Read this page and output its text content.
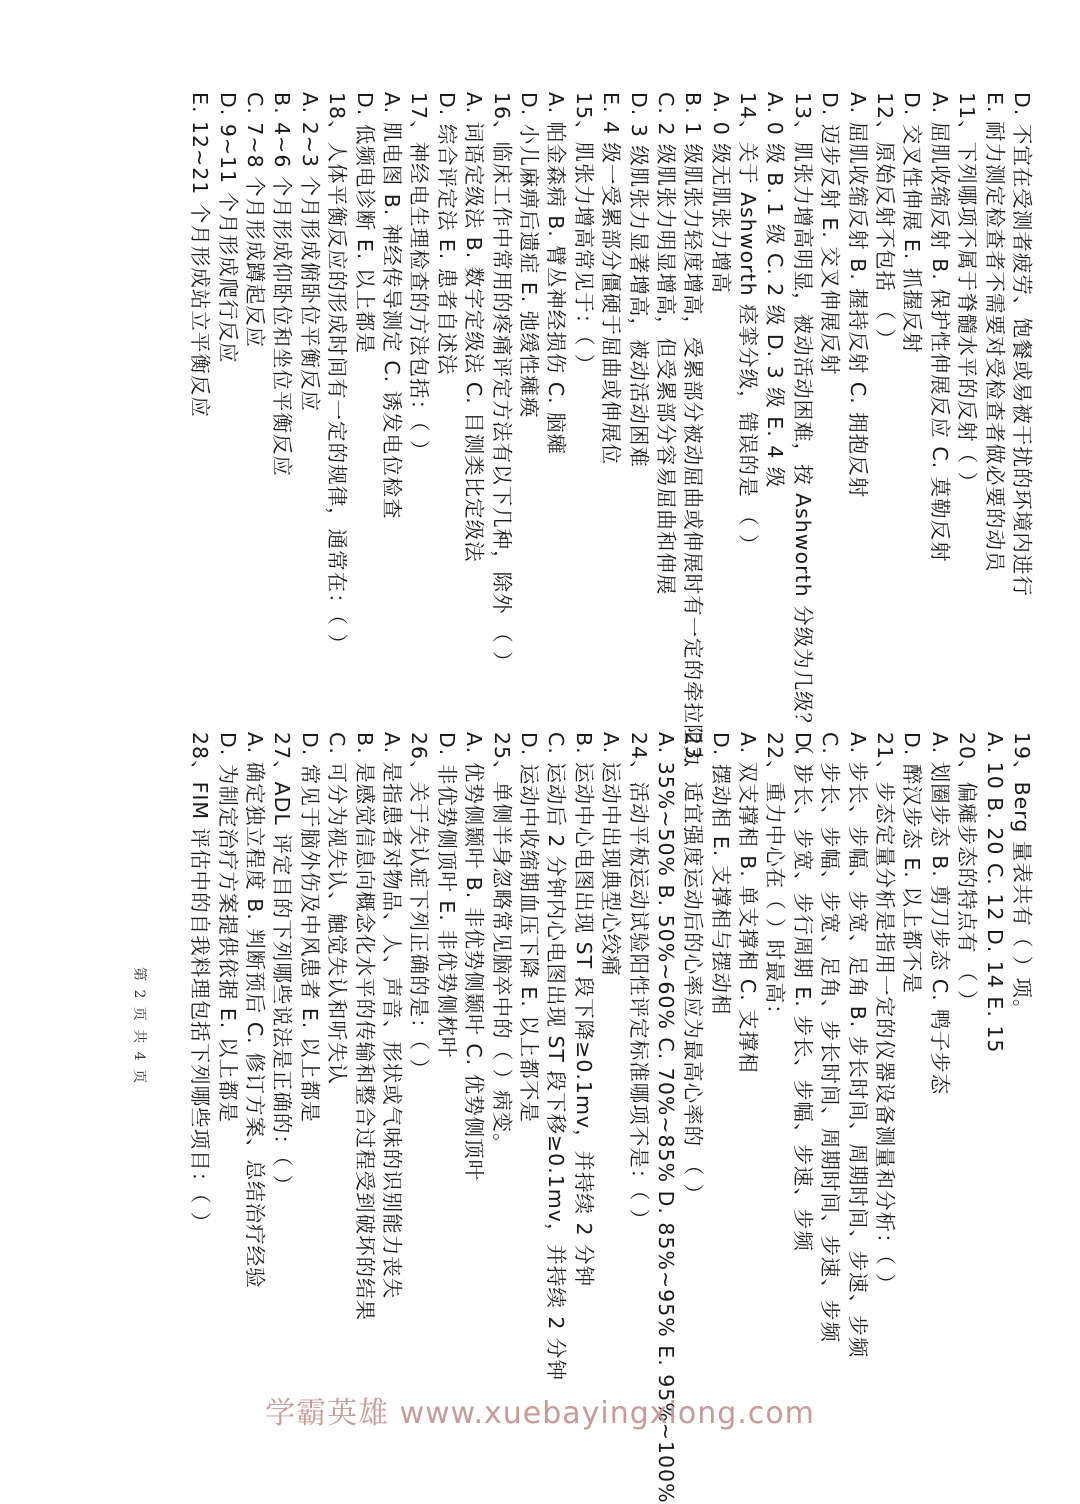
D. 不宜在受测者疲劳、饱餐或易被干扰的环境内进行
E. 耐力测定检查者不需要对受检查者做必要的动员
11、下列哪项不属于脊髓水平的反射（ ）
A. 屈肌收缩反射 B. 保护性伸展反应 C. 莫勒反射
D. 交叉性伸展 E. 抓握反射
12、原始反射不包括 （ ）
A. 屈肌收缩反射 B. 握持反射 C. 拥抱反射
D. 迈步反射 E. 交叉伸展反射
13、肌张力增高明显，被动活动困难，按 Ashworth 分级为几级？（ ）
A. 0 级 B. 1 级 C. 2 级 D. 3 级 E. 4 级
14、关于 Ashworth 痉挛分级，错误的是 （ ）
A. 0 级无肌张力增高
B. 1 级肌张力轻度增高，受累部分被动屈曲或伸展时有一定的牵拉阻力
C. 2 级肌张力明显增高，但受累部分容易屈曲和伸展
D. 3 级肌张力显著增高，被动活动困难
E. 4 级一受累部分僵硬于屈曲或伸展位
15、肌张力增高常见于：（ ）
A. 帕金森病 B. 臂丛神经损伤 C. 脑瘫
D. 小儿麻痹后遗症 E. 弛缓性瘫痪
16、临床工作中常用的疼痛评定方法有以下几种，除外 （ ）
A. 词语定级法 B. 数字定级法 C. 目测类比定级法
D. 综合评定法 E. 患者自述法
17、神经电生理检查的方法包括：（ ）
A. 肌电图 B. 神经传导测定 C. 诱发电位检查
D. 低频电诊断 E. 以上都是
18、人体平衡反应的形成时间有一定的规律，通常在：（ ）
A. 2~3 个月形成俯卧位平衡反应
B. 4~6 个月形成仰卧位和坐位平衡反应
C. 7~8 个月形成蹲起反应
D. 9~11 个月形成爬行反应
E. 12~21 个月形成站立平衡反应
19、Berg 量表共有（ ）项。
A. 10 B. 20 C. 12 D. 14 E. 15
20、偏瘫步态的特点有 （ ）
A. 划圈步态 B. 剪刀步态 C. 鸭子步态
D. 醉汉步态 E. 以上都不是
21、步态定量分析是指用一定的仪器设备测量和分析：（ ）
A. 步长、步幅、步宽、足角 B. 步长时间、周期时间、步速、步频
C. 步长、步幅、步宽、足角、步长时间、周期时间、步速、步频
D. 步长、步宽、步行周期 E. 步长、步幅、步速、步频
22、重力中心在（ ）时最高：
A. 双支撑相 B. 单支撑相 C. 支撑相
D. 摆动相 E. 支撑相与摆动相
23、适宜强度运动后的心率应为最高心率的 （ ）
A. 35%~50% B. 50%~60% C. 70%~85% D. 85%~95% E. 95%~100%
24、活动平板运动试验阳性评定标准哪项不是：（ ）
A. 运动中出现典型心绞痛
B. 运动中心电图出现 ST 段下降≥0.1mv，并持续 2 分钟
C. 运动后 2 分钟内心电图出现 ST 段下移≥0.1mv，并持续 2 分钟
D. 运动中收缩期血压下降 E. 以上都不是
25、单侧半身忽略常见脑卒中的（ ）病变。
A. 优势侧颞叶 B. 非优势侧颞叶 C. 优势侧顶叶
D. 非优势侧顶叶 E. 非优势侧枕叶
26、关于失认症下列正确的是：（ ）
A. 是指患者对物品、人、声音、形状或气味的识别能力丧失
B. 是感觉信息向概念化水平的传输和整合过程受到破坏的结果
C. 可分为视失认、触觉失认和听失认
D. 常见于脑外伤及中风患者 E. 以上都是
27、ADL 评定目的下列哪些说法是正确的：（ ）
A. 确定独立程度 B. 判断预后 C. 修订方案、总结治疗经验
D. 为制定治疗方案提供依据 E. 以上都是
28、FIM 评估中的自我料理包括下列哪些项目：（ ）
第 2 页 共 4 页
学霸英雄 www.xuebayingxiong.com
